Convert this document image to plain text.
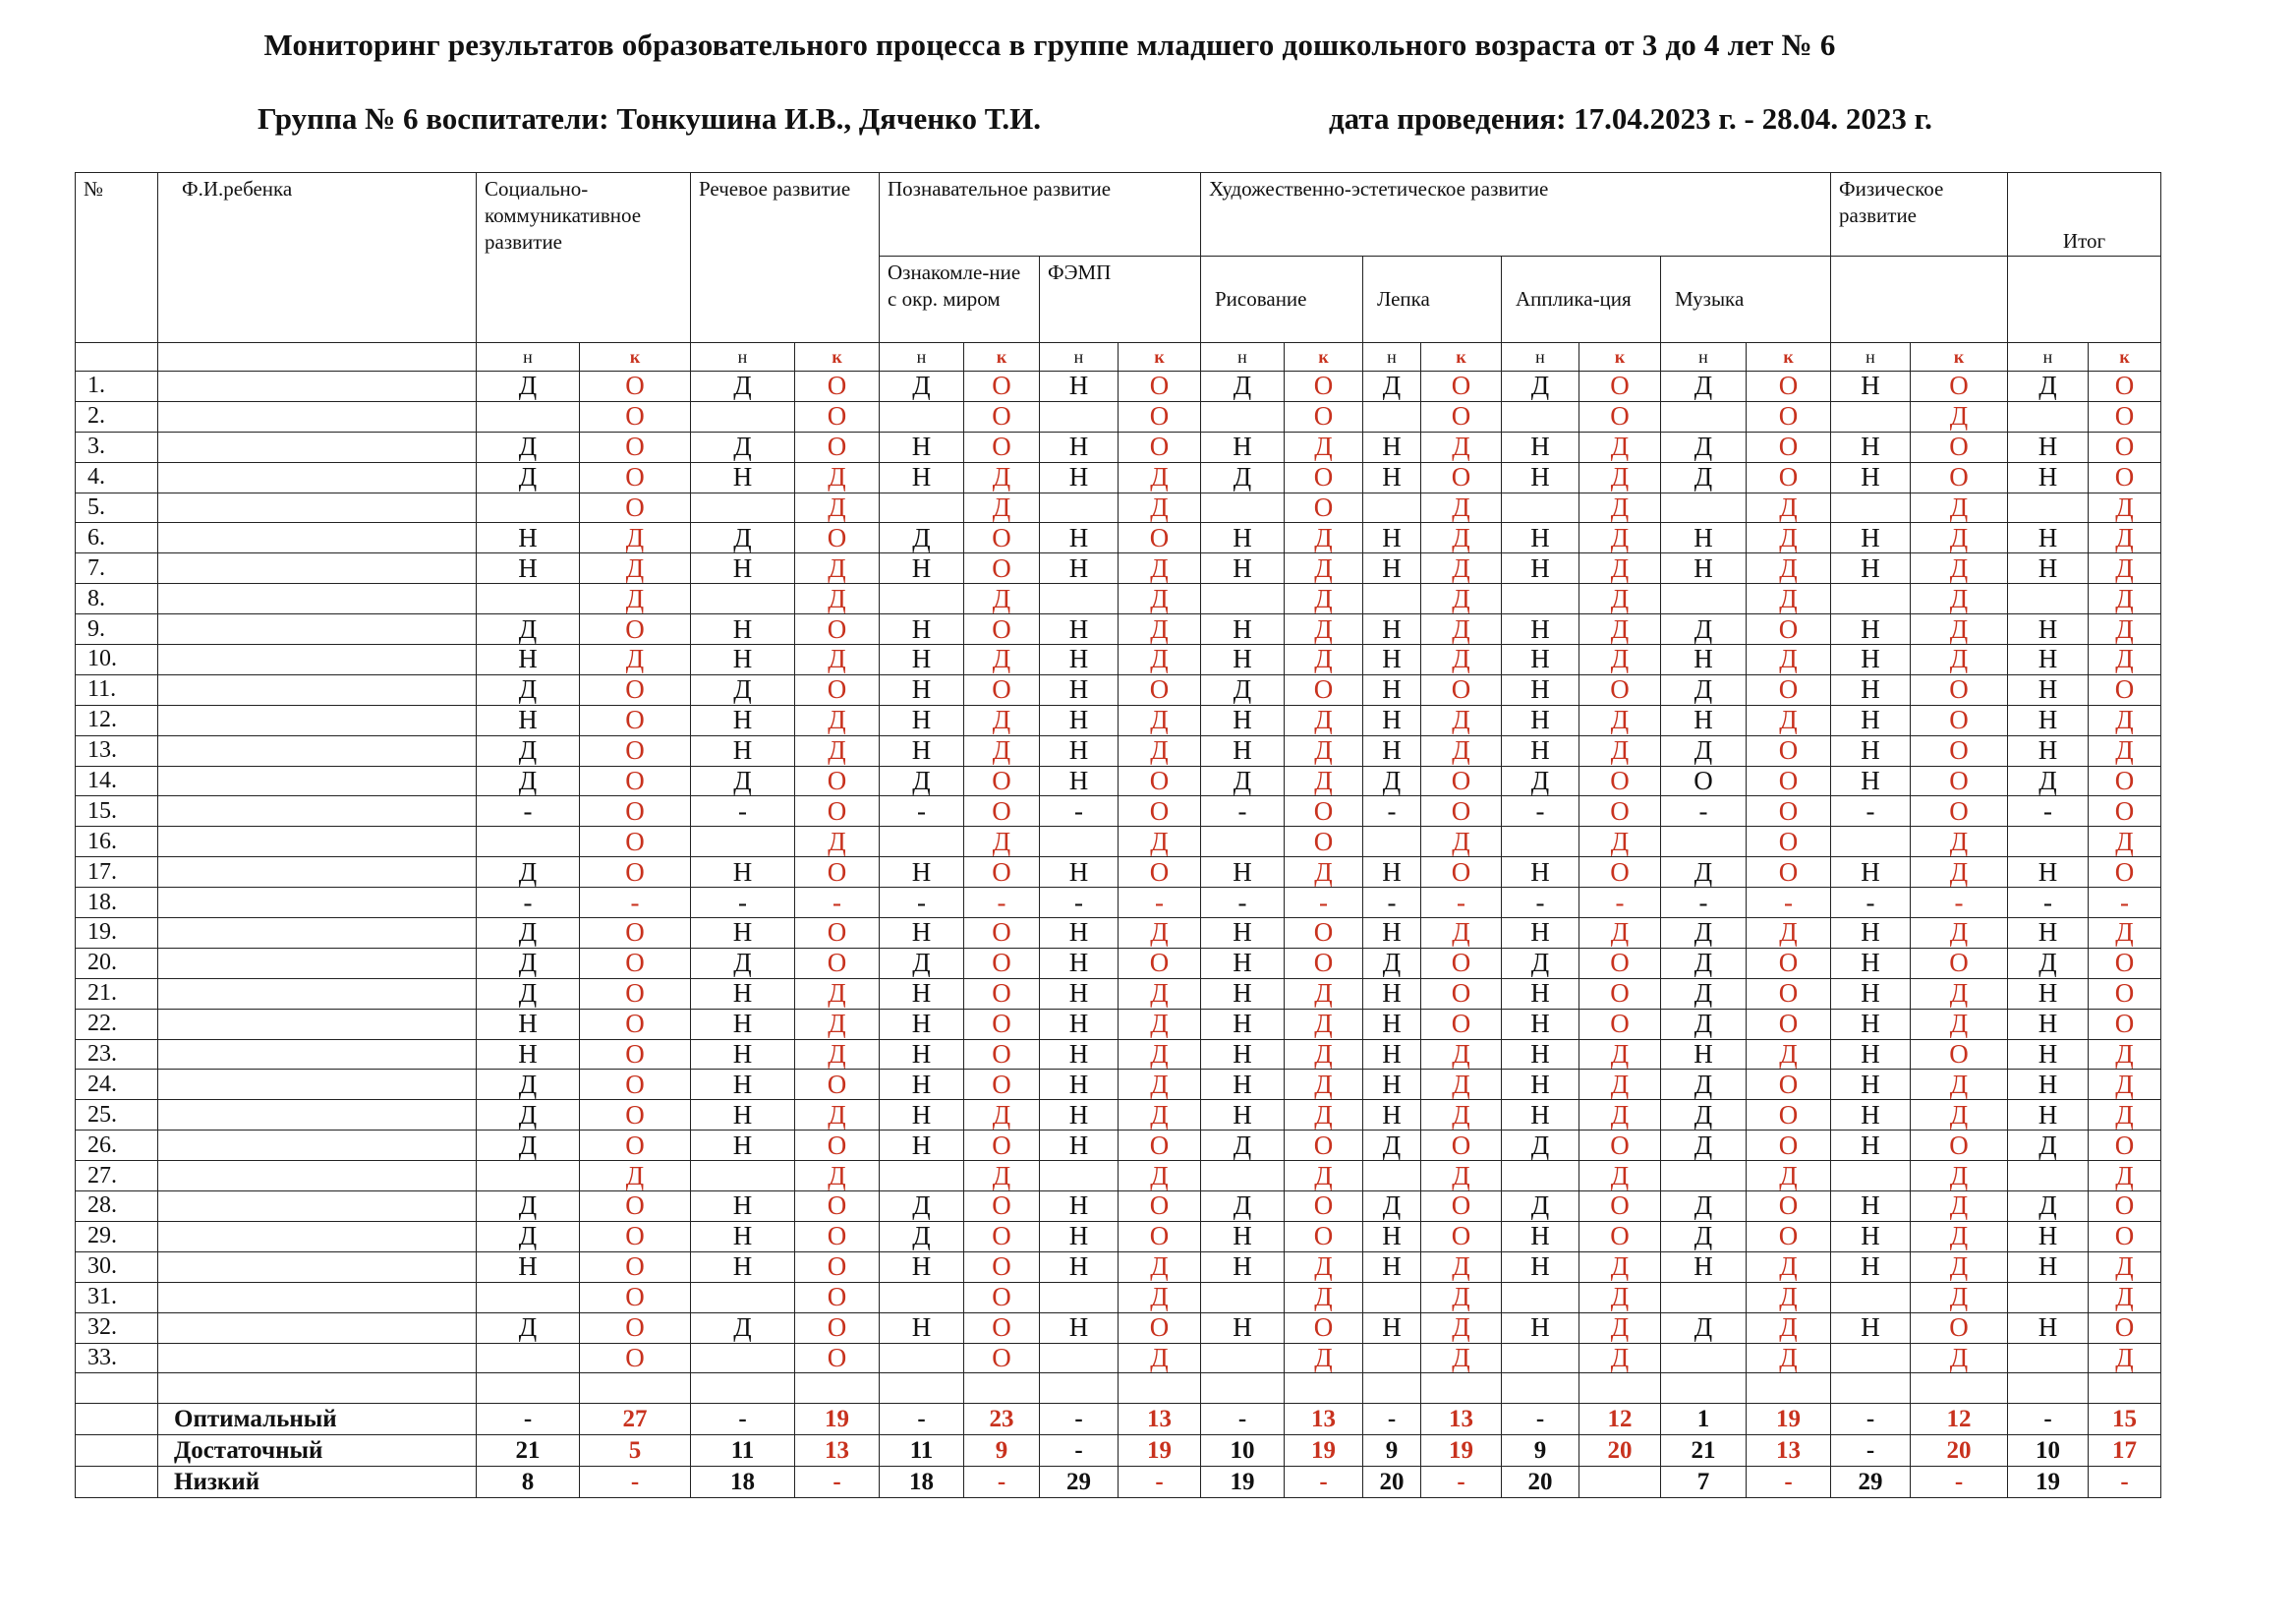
Мониторинг результатов образовательного процесса в группе младшего дошкольного возраста от 3 до 4 лет № 6
Группа № 6 воспитатели: Тонкушина И.В., Дяченко Т.И.	дата проведения: 17.04.2023 г. - 28.04. 2023 г.
№	Ф.И.ребенка	Социально-коммуникативное развитие		Речевое развитие		Познавательное развитие				Художественно-эстетическое развитие								Физическое развитие		Итог	
						Ознакомле-ние с окр. миром		ФЭМП		Рисование		Лепка		Апплика-ция		Музыка					
		н	к	н	к	н	к	н	к	н	к	н	к	н	к	н	к	н	к	н	к
1.		Д	О	Д	О	Д	О	Н	О	Д	О	Д	О	Д	О	Д	О	Н	О	Д	О
2.			О		О		О		О		О		О		О		О		Д		О
3.		Д	О	Д	О	Н	О	Н	О	Н	Д	Н	Д	Н	Д	Д	О	Н	О	Н	О
4.		Д	О	Н	Д	Н	Д	Н	Д	Д	О	Н	О	Н	Д	Д	О	Н	О	Н	О
5.			О		Д		Д		Д		О		Д		Д		Д		Д		Д
6.		Н	Д	Д	О	Д	О	Н	О	Н	Д	Н	Д	Н	Д	Н	Д	Н	Д	Н	Д
7.		Н	Д	Н	Д	Н	О	Н	Д	Н	Д	Н	Д	Н	Д	Н	Д	Н	Д	Н	Д
8.			Д		Д		Д		Д		Д		Д		Д		Д		Д		Д
9.		Д	О	Н	О	Н	О	Н	Д	Н	Д	Н	Д	Н	Д	Д	О	Н	Д	Н	Д
10.		Н	Д	Н	Д	Н	Д	Н	Д	Н	Д	Н	Д	Н	Д	Н	Д	Н	Д	Н	Д
11.		Д	О	Д	О	Н	О	Н	О	Д	О	Н	О	Н	О	Д	О	Н	О	Н	О
12.		Н	О	Н	Д	Н	Д	Н	Д	Н	Д	Н	Д	Н	Д	Н	Д	Н	О	Н	Д
13.		Д	О	Н	Д	Н	Д	Н	Д	Н	Д	Н	Д	Н	Д	Д	О	Н	О	Н	Д
14.		Д	О	Д	О	Д	О	Н	О	Д	Д	Д	О	Д	О	О	О	Н	О	Д	О
15.		-	О	-	О	-	О	-	О	-	О	-	О	-	О	-	О	-	О	-	О
16.			О		Д		Д		Д		О		Д		Д		О		Д		Д
17.		Д	О	Н	О	Н	О	Н	О	Н	Д	Н	О	Н	О	Д	О	Н	Д	Н	О
18.		-	-	-	-	-	-	-	-	-	-	-	-	-	-	-	-	-	-	-	-
19.		Д	О	Н	О	Н	О	Н	Д	Н	О	Н	Д	Н	Д	Д	Д	Н	Д	Н	Д
20.		Д	О	Д	О	Д	О	Н	О	Н	О	Д	О	Д	О	Д	О	Н	О	Д	О
21.		Д	О	Н	Д	Н	О	Н	Д	Н	Д	Н	О	Н	О	Д	О	Н	Д	Н	О
22.		Н	О	Н	Д	Н	О	Н	Д	Н	Д	Н	О	Н	О	Д	О	Н	Д	Н	О
23.		Н	О	Н	Д	Н	О	Н	Д	Н	Д	Н	Д	Н	Д	Н	Д	Н	О	Н	Д
24.		Д	О	Н	О	Н	О	Н	Д	Н	Д	Н	Д	Н	Д	Д	О	Н	Д	Н	Д
25.		Д	О	Н	Д	Н	Д	Н	Д	Н	Д	Н	Д	Н	Д	Д	О	Н	Д	Н	Д
26.		Д	О	Н	О	Н	О	Н	О	Д	О	Д	О	Д	О	Д	О	Н	О	Д	О
27.			Д		Д		Д		Д		Д		Д		Д		Д		Д		Д
28.		Д	О	Н	О	Д	О	Н	О	Д	О	Д	О	Д	О	Д	О	Н	Д	Д	О
29.		Д	О	Н	О	Д	О	Н	О	Н	О	Н	О	Н	О	Д	О	Н	Д	Н	О
30.		Н	О	Н	О	Н	О	Н	Д	Н	Д	Н	Д	Н	Д	Н	Д	Н	Д	Н	Д
31.			О		О		О		Д		Д		Д		Д		Д		Д		Д
32.		Д	О	Д	О	Н	О	Н	О	Н	О	Н	Д	Н	Д	Д	Д	Н	О	Н	О
33.			О		О		О		Д		Д		Д		Д		Д		Д		Д

	Оптимальный	-	27	-	19	-	23	-	13	-	13	-	13	-	12	1	19	-	12	-	15
	Достаточный	21	5	11	13	11	9	-	19	10	19	9	19	9	20	21	13	-	20	10	17
	Низкий	8	-	18	-	18	-	29	-	19	-	20	-	20		7	-	29	-	19	-
